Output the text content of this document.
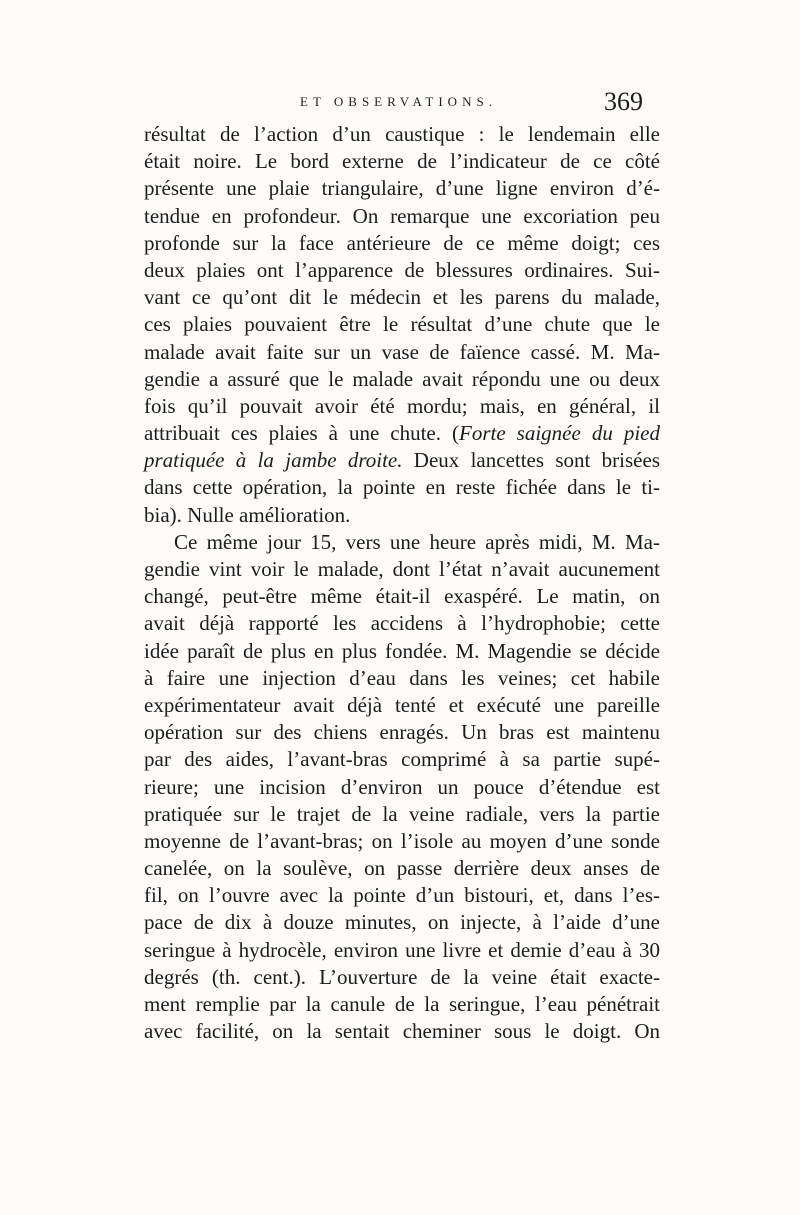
ET OBSERVATIONS.	369
résultat de l’action d’un caustique : le lendemain elle
était noire. Le bord externe de l’indicateur de ce côté
présente une plaie triangulaire, d’une ligne environ d’é-
tendue en profondeur. On remarque une excoriation peu
profonde sur la face antérieure de ce même doigt; ces
deux plaies ont l’apparence de blessures ordinaires. Sui-
vant ce qu’ont dit le médecin et les parens du malade,
ces plaies pouvaient être le résultat d’une chute que le
malade avait faite sur un vase de faïence cassé. M. Ma-
gendie a assuré que le malade avait répondu une ou deux
fois qu’il pouvait avoir été mordu; mais, en général, il
attribuait ces plaies à une chute. (Forte saignée du pied
pratiquée à la jambe droite. Deux lancettes sont brisées
dans cette opération, la pointe en reste fichée dans le ti-
bia). Nulle amélioration.
Ce même jour 15, vers une heure après midi, M. Ma-
gendie vint voir le malade, dont l’état n’avait aucunement
changé, peut-être même était-il exaspéré. Le matin, on
avait déjà rapporté les accidens à l’hydrophobie; cette
idée paraît de plus en plus fondée. M. Magendie se décide
à faire une injection d’eau dans les veines; cet habile
expérimentateur avait déjà tenté et exécuté une pareille
opération sur des chiens enragés. Un bras est maintenu
par des aides, l’avant-bras comprimé à sa partie supé-
rieure; une incision d’environ un pouce d’étendue est
pratiquée sur le trajet de la veine radiale, vers la partie
moyenne de l’avant-bras; on l’isole au moyen d’une sonde
canelée, on la soulève, on passe derrière deux anses de
fil, on l’ouvre avec la pointe d’un bistouri, et, dans l’es-
pace de dix à douze minutes, on injecte, à l’aide d’une
seringue à hydrocèle, environ une livre et demie d’eau à 30
degrés (th. cent.). L’ouverture de la veine était exacte-
ment remplie par la canule de la seringue, l’eau pénétrait
avec facilité, on la sentait cheminer sous le doigt. On
